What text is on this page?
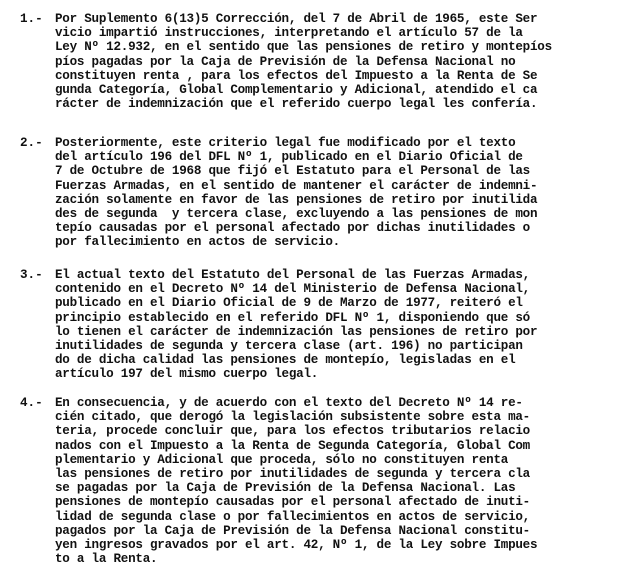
1.- Por Suplemento 6(13)5 Corrección, del 7 de Abril de 1965, este Ser
vicio impartió instrucciones, interpretando el artículo 57 de la
Ley Nº 12.932, en el sentido que las pensiones de retiro y montepíos
píos pagadas por la Caja de Previsión de la Defensa Nacional no
constituyen renta , para los efectos del Impuesto a la Renta de Se
gunda Categoría, Global Complementario y Adicional, atendido el ca
rácter de indemnización que el referido cuerpo legal les confería.
2.- Posteriormente, este criterio legal fue modificado por el texto
del artículo 196 del DFL Nº 1, publicado en el Diario Oficial de
7 de Octubre de 1968 que fijó el Estatuto para el Personal de las
Fuerzas Armadas, en el sentido de mantener el carácter de indemni-
zación solamente en favor de las pensiones de retiro por inutilida
des de segunda  y tercera clase, excluyendo a las pensiones de mon
tepío causadas por el personal afectado por dichas inutilidades o
por fallecimiento en actos de servicio.
3.- El actual texto del Estatuto del Personal de las Fuerzas Armadas,
contenido en el Decreto Nº 14 del Ministerio de Defensa Nacional,
publicado en el Diario Oficial de 9 de Marzo de 1977, reiteró el
principio establecido en el referido DFL Nº 1, disponiendo que só
lo tienen el carácter de indemnización las pensiones de retiro por
inutilidades de segunda y tercera clase (art. 196) no participan
do de dicha calidad las pensiones de montepío, legisladas en el
artículo 197 del mismo cuerpo legal.
4.- En consecuencia, y de acuerdo con el texto del Decreto Nº 14 re-
cién citado, que derogó la legislación subsistente sobre esta ma-
teria, procede concluir que, para los efectos tributarios relacio
nados con el Impuesto a la Renta de Segunda Categoría, Global Com
plementario y Adicional que proceda, sólo no constituyen renta
las pensiones de retiro por inutilidades de segunda y tercera cla
se pagadas por la Caja de Previsión de la Defensa Nacional. Las
pensiones de montepío causadas por el personal afectado de inuti-
lidad de segunda clase o por fallecimientos en actos de servicio,
pagados por la Caja de Previsión de la Defensa Nacional constitu-
yen ingresos gravados por el art. 42, Nº 1, de la Ley sobre Impues
to a la Renta.
